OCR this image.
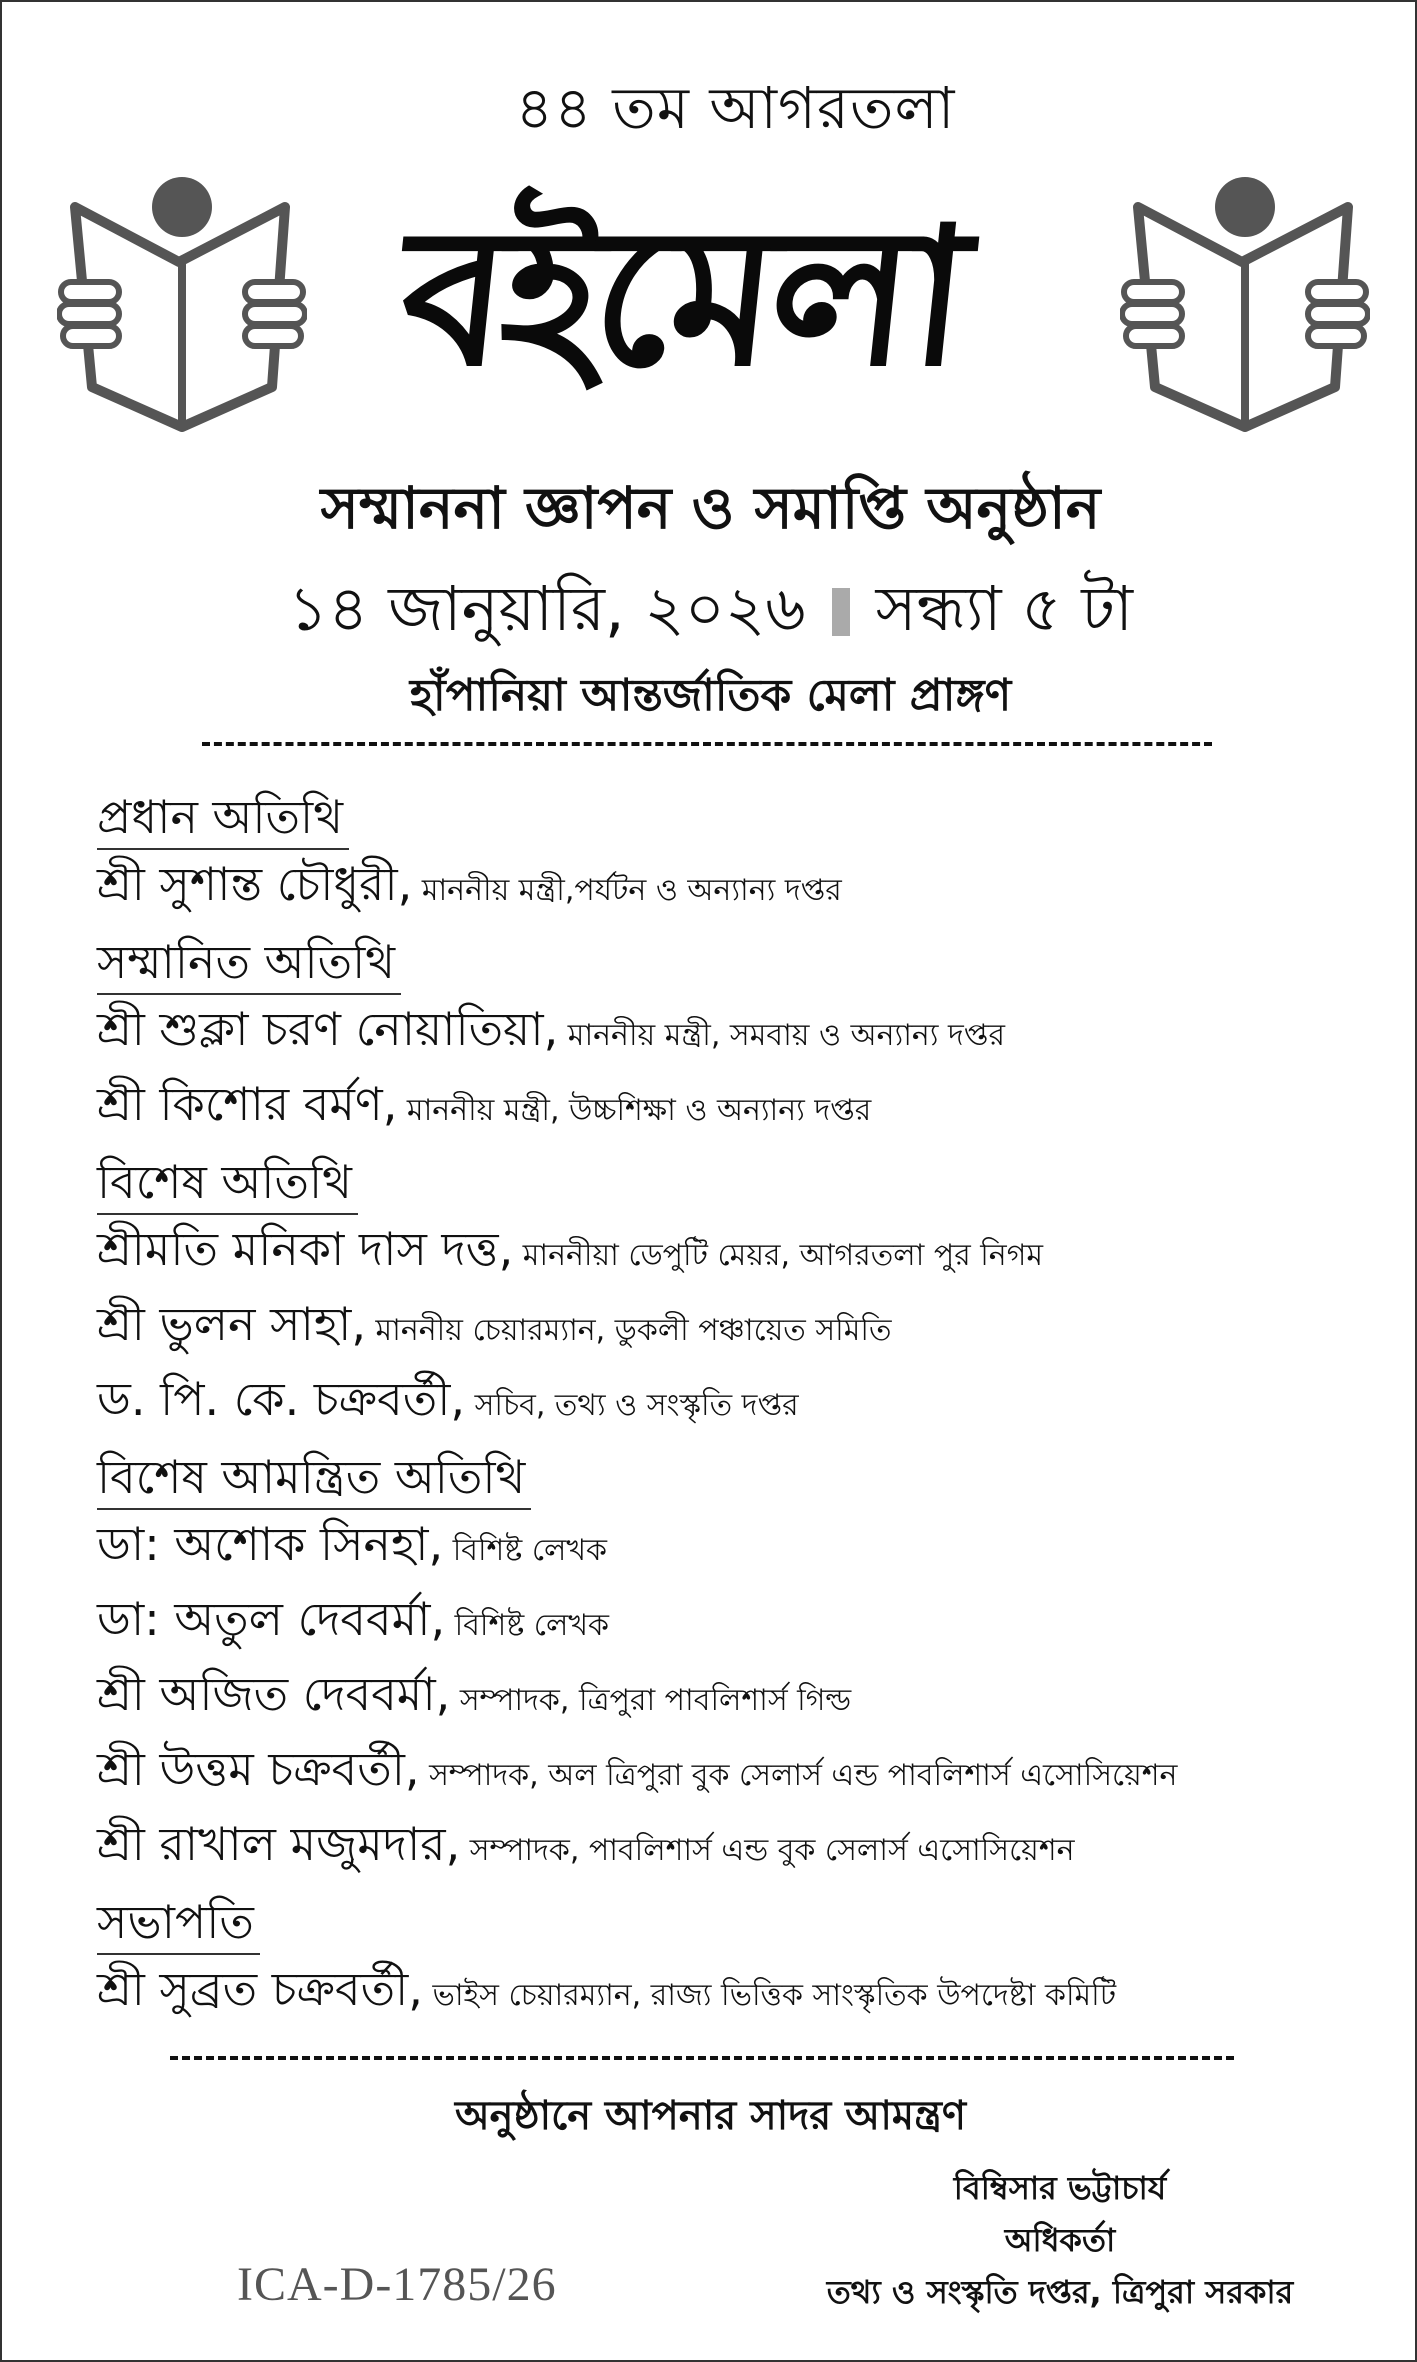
৪৪ তম আগরতলা
বইমেলা
সম্মাননা জ্ঞাপন ও সমাপ্তি অনুষ্ঠান
১৪ জানুয়ারি, ২০২৬ সন্ধ্যা ৫ টা
হাঁপানিয়া আন্তর্জাতিক মেলা প্রাঙ্গণ
প্রধান অতিথি
শ্রী সুশান্ত চৌধুরী, মাননীয় মন্ত্রী,পর্যটন ও অন্যান্য দপ্তর
সম্মানিত অতিথি
শ্রী শুক্লা চরণ নোয়াতিয়া, মাননীয় মন্ত্রী, সমবায় ও অন্যান্য দপ্তর
শ্রী কিশোর বর্মণ, মাননীয় মন্ত্রী, উচ্চশিক্ষা ও অন্যান্য দপ্তর
বিশেষ অতিথি
শ্রীমতি মনিকা দাস দত্ত, মাননীয়া ডেপুটি মেয়র, আগরতলা পুর নিগম
শ্রী ভুলন সাহা, মাননীয় চেয়ারম্যান, ডুকলী পঞ্চায়েত সমিতি
ড. পি. কে. চক্রবর্তী, সচিব, তথ্য ও সংস্কৃতি দপ্তর
বিশেষ আমন্ত্রিত অতিথি
ডা: অশোক সিনহা, বিশিষ্ট লেখক
ডা: অতুল দেববর্মা, বিশিষ্ট লেখক
শ্রী অজিত দেববর্মা, সম্পাদক, ত্রিপুরা পাবলিশার্স গিল্ড
শ্রী উত্তম চক্রবর্তী, সম্পাদক, অল ত্রিপুরা বুক সেলার্স এন্ড পাবলিশার্স এসোসিয়েশন
শ্রী রাখাল মজুমদার, সম্পাদক, পাবলিশার্স এন্ড বুক সেলার্স এসোসিয়েশন
সভাপতি
শ্রী সুব্রত চক্রবর্তী, ভাইস চেয়ারম্যান, রাজ্য ভিত্তিক সাংস্কৃতিক উপদেষ্টা কমিটি
অনুষ্ঠানে আপনার সাদর আমন্ত্রণ
বিম্বিসার ভট্টাচার্য
অধিকর্তা
তথ্য ও সংস্কৃতি দপ্তর, ত্রিপুরা সরকার
ICA-D-1785/26
